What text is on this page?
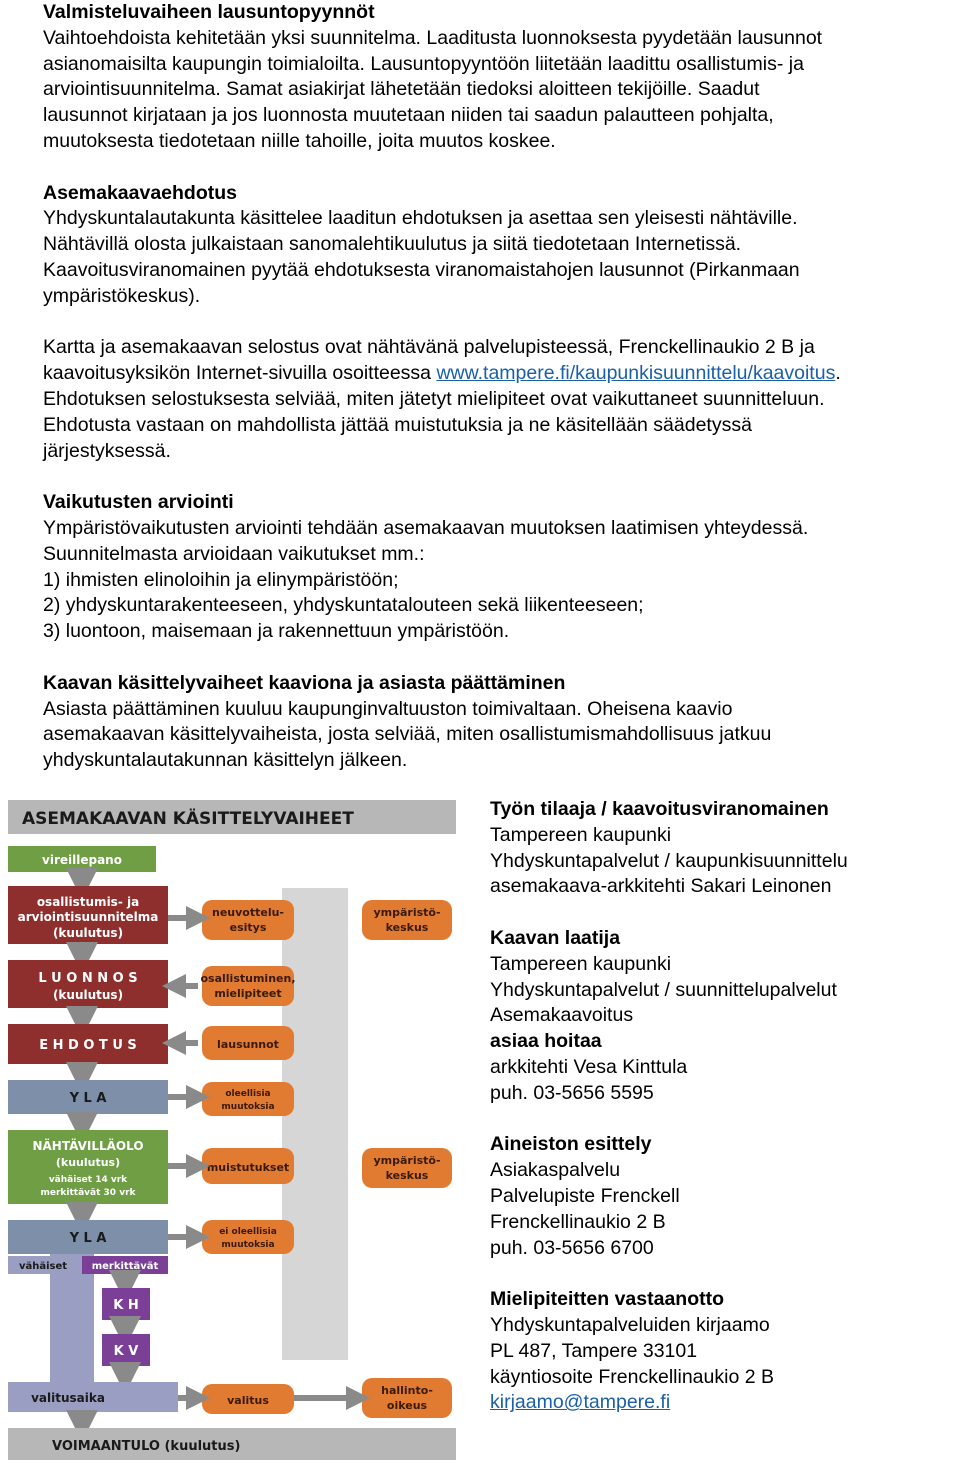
Valmisteluvaiheen lausuntopyynnöt

Vaihtoehdoista kehitetään yksi suunnitelma. Laaditusta luonnoksesta pyydetään lausunnot

asianomaisilta kaupungin toimialoilta. Lausuntopyyntöön liitetään laadittu osallistumis- ja

arviointisuunnitelma. Samat asiakirjat lähetetään tiedoksi aloitteen tekijöille. Saadut

lausunnot kirjataan ja jos luonnosta muutetaan niiden tai saadun palautteen pohjalta,

muutoksesta tiedotetaan niille tahoille, joita muutos koskee.

Asemakaavaehdotus

Yhdyskuntalautakunta käsittelee laaditun ehdotuksen ja asettaa sen yleisesti nähtäville.

Nähtävillä olosta julkaistaan sanomalehtikuulutus ja siitä tiedotetaan Internetissä.

Kaavoitusviranomainen pyytää ehdotuksesta viranomaistahojen lausunnot (Pirkanmaan

ympäristökeskus).

Kartta ja asemakaavan selostus ovat nähtävänä palvelupisteessä, Frenckellinaukio 2 B ja

kaavoitusyksikön Internet-sivuilla osoitteessa www.tampere.fi/kaupunkisuunnittelu/kaavoitus.

Ehdotuksen selostuksesta selviää, miten jätetyt mielipiteet ovat vaikuttaneet suunnitteluun.

Ehdotusta vastaan on mahdollista jättää muistutuksia ja ne käsitellään säädetyssä

järjestyksessä.

Vaikutusten arviointi

Ympäristövaikutusten arviointi tehdään asemakaavan muutoksen laatimisen yhteydessä.

Suunnitelmasta arvioidaan vaikutukset mm.:

1) ihmisten elinoloihin ja elinympäristöön;

2) yhdyskuntarakenteeseen, yhdyskuntatalouteen sekä liikenteeseen;

3) luontoon, maisemaan ja rakennettuun ympäristöön.

Kaavan käsittelyvaiheet kaaviona ja asiasta päättäminen

Asiasta päättäminen kuuluu kaupunginvaltuuston toimivaltaan. Oheisena kaavio

asemakaavan käsittelyvaiheista, josta selviää, miten osallistumismahdollisuus jatkuu

yhdyskuntalautakunnan käsittelyn jälkeen.

ASEMAKAAVAN KÄSITTELYVAIHEET
vireillepano
osallistumis- ja
arviointisuunnitelma
(kuulutus)
neuvottelu-
esitys
ympäristö-
keskus
L U O N N O S
(kuulutus)
osallistuminen,
mielipiteet
E H D O T U S	lausunnot
Y L A	oleellisia
muutoksia
NÄHTÄVILLÄOLO
(kuulutus)
vähäiset 14 vrk
merkittävät 30 vrk
muistutukset
ympäristö-
keskus
Y L A	ei oleellisia
muutoksia
vähäiset merkittävät
K H
K V
valitusaika	valitus
hallinto-
oikeus
VOIMAANTULO (kuulutus)

Työn tilaaja / kaavoitusviranomainen

Tampereen kaupunki

Yhdyskuntapalvelut / kaupunkisuunnittelu

asemakaava-arkkitehti Sakari Leinonen

Kaavan laatija

Tampereen kaupunki

Yhdyskuntapalvelut / suunnittelupalvelut

Asemakaavoitus

asiaa hoitaa

arkkitehti Vesa Kinttula

puh. 03-5656 5595

Aineiston esittely

Asiakaspalvelu

Palvelupiste Frenckell

Frenckellinaukio 2 B

puh. 03-5656 6700

Mielipiteitten vastaanotto

Yhdyskuntapalveluiden kirjaamo

PL 487, Tampere 33101

käyntiosoite Frenckellinaukio 2 B

kirjaamo@tampere.fi
